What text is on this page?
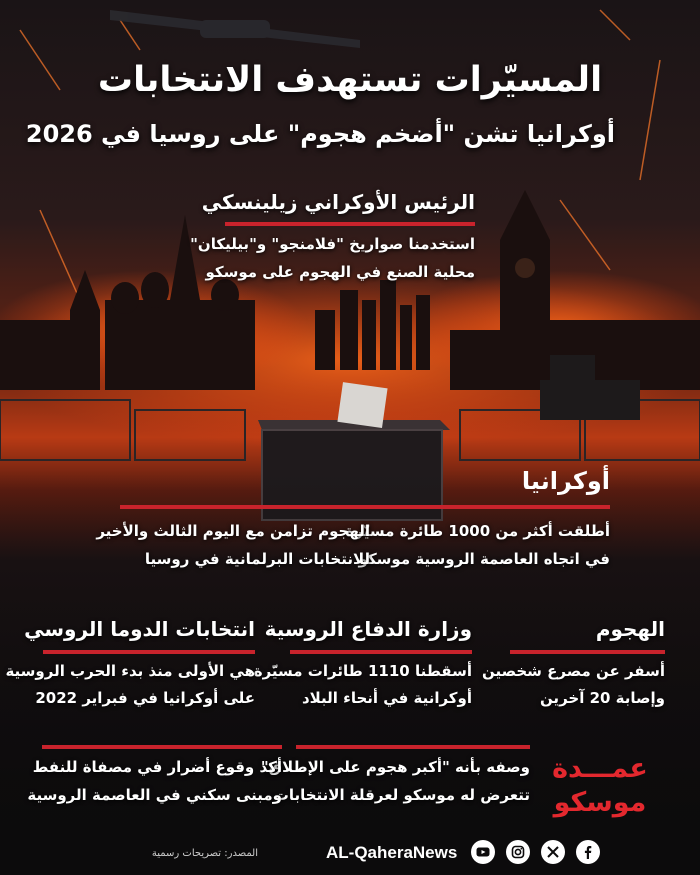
المسيّرات تستهدف الانتخابات
أوكرانيا تشن "أضخم هجوم" على روسيا في 2026
الرئيس الأوكراني زيلينسكي
استخدمنا صواريخ "فلامنجو" و"بيليكان"
محلية الصنع في الهجوم على موسكو
أوكرانيا
أطلقت أكثر من 1000 طائرة مسيّرة
في اتجاه العاصمة الروسية موسكو
الهجوم تزامن مع اليوم الثالث والأخير
للانتخابات البرلمانية في روسيا
الهجوم
أسفر عن مصرع شخصين
وإصابة 20 آخرين
وزارة الدفاع الروسية
أسقطنا 1110 طائرات مسيّرة
أوكرانية في أنحاء البلاد
انتخابات الدوما الروسي
هي الأولى منذ بدء الحرب الروسية
على أوكرانيا في فبراير 2022
عمـــدة
موسكو
وصفه بأنه "أكبر هجوم على الإطلاق"
تتعرض له موسكو لعرقلة الانتخابات
أكد وقوع أضرار في مصفاة للنفط
ومبنى سكني في العاصمة الروسية
AL-QaheraNews
المصدر: تصريحات رسمية
